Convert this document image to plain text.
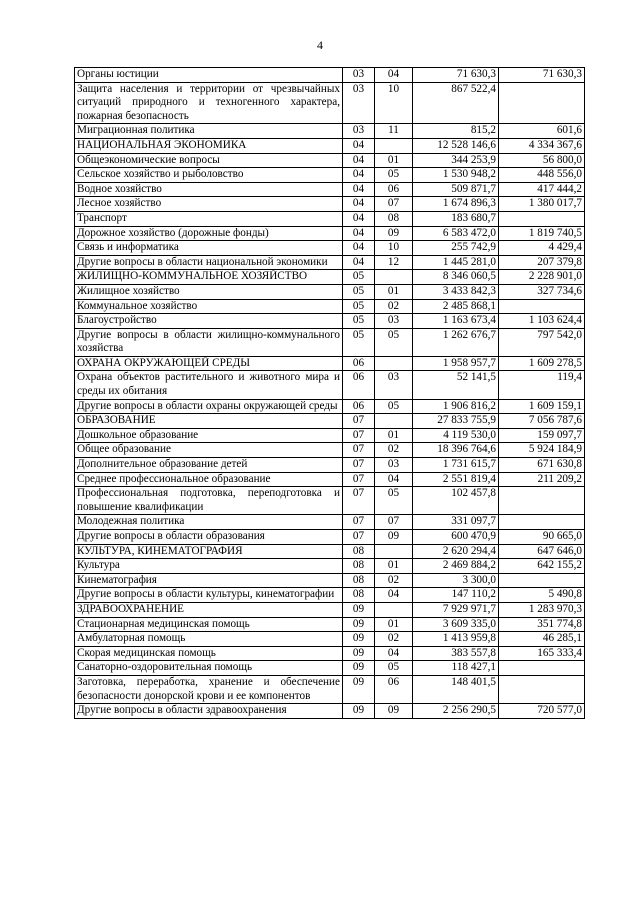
4
Органы юстиции	03	04	71 630,3	71 630,3
Защита населения и территории от чрезвычайных ситуаций природного и техногенного характера, пожарная безопасность	03	10	867 522,4	
Миграционная политика	03	11	815,2	601,6
НАЦИОНАЛЬНАЯ ЭКОНОМИКА	04		12 528 146,6	4 334 367,6
Общеэкономические вопросы	04	01	344 253,9	56 800,0
Сельское хозяйство и рыболовство	04	05	1 530 948,2	448 556,0
Водное хозяйство	04	06	509 871,7	417 444,2
Лесное хозяйство	04	07	1 674 896,3	1 380 017,7
Транспорт	04	08	183 680,7	
Дорожное хозяйство (дорожные фонды)	04	09	6 583 472,0	1 819 740,5
Связь и информатика	04	10	255 742,9	4 429,4
Другие вопросы в области национальной экономики	04	12	1 445 281,0	207 379,8
ЖИЛИЩНО-КОММУНАЛЬНОЕ ХОЗЯЙСТВО	05		8 346 060,5	2 228 901,0
Жилищное хозяйство	05	01	3 433 842,3	327 734,6
Коммунальное хозяйство	05	02	2 485 868,1	
Благоустройство	05	03	1 163 673,4	1 103 624,4
Другие вопросы в области жилищно-коммунального хозяйства	05	05	1 262 676,7	797 542,0
ОХРАНА ОКРУЖАЮЩЕЙ СРЕДЫ	06		1 958 957,7	1 609 278,5
Охрана объектов растительного и животного мира и среды их обитания	06	03	52 141,5	119,4
Другие вопросы в области охраны окружающей среды	06	05	1 906 816,2	1 609 159,1
ОБРАЗОВАНИЕ	07		27 833 755,9	7 056 787,6
Дошкольное образование	07	01	4 119 530,0	159 097,7
Общее образование	07	02	18 396 764,6	5 924 184,9
Дополнительное образование детей	07	03	1 731 615,7	671 630,8
Среднее профессиональное образование	07	04	2 551 819,4	211 209,2
Профессиональная подготовка, переподготовка и повышение квалификации	07	05	102 457,8	
Молодежная политика	07	07	331 097,7	
Другие вопросы в области образования	07	09	600 470,9	90 665,0
КУЛЬТУРА, КИНЕМАТОГРАФИЯ	08		2 620 294,4	647 646,0
Культура	08	01	2 469 884,2	642 155,2
Кинематография	08	02	3 300,0	
Другие вопросы в области культуры, кинематографии	08	04	147 110,2	5 490,8
ЗДРАВООХРАНЕНИЕ	09		7 929 971,7	1 283 970,3
Стационарная медицинская помощь	09	01	3 609 335,0	351 774,8
Амбулаторная помощь	09	02	1 413 959,8	46 285,1
Скорая медицинская помощь	09	04	383 557,8	165 333,4
Санаторно-оздоровительная помощь	09	05	118 427,1	
Заготовка, переработка, хранение и обеспечение безопасности донорской крови и ее компонентов	09	06	148 401,5	
Другие вопросы в области здравоохранения	09	09	2 256 290,5	720 577,0
